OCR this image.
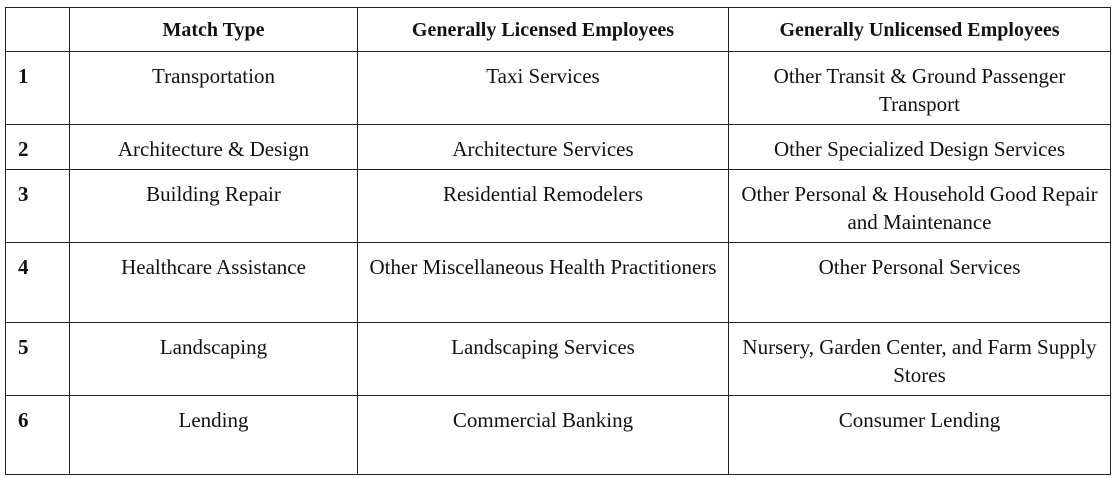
	Match Type	Generally Licensed Employees	Generally Unlicensed Employees
1	Transportation	Taxi Services	Other Transit & Ground Passenger Transport
2	Architecture & Design	Architecture Services	Other Specialized Design Services
3	Building Repair	Residential Remodelers	Other Personal & Household Good Repair and Maintenance
4	Healthcare Assistance	Other Miscellaneous Health Practitioners	Other Personal Services
5	Landscaping	Landscaping Services	Nursery, Garden Center, and Farm Supply Stores
6	Lending	Commercial Banking	Consumer Lending
